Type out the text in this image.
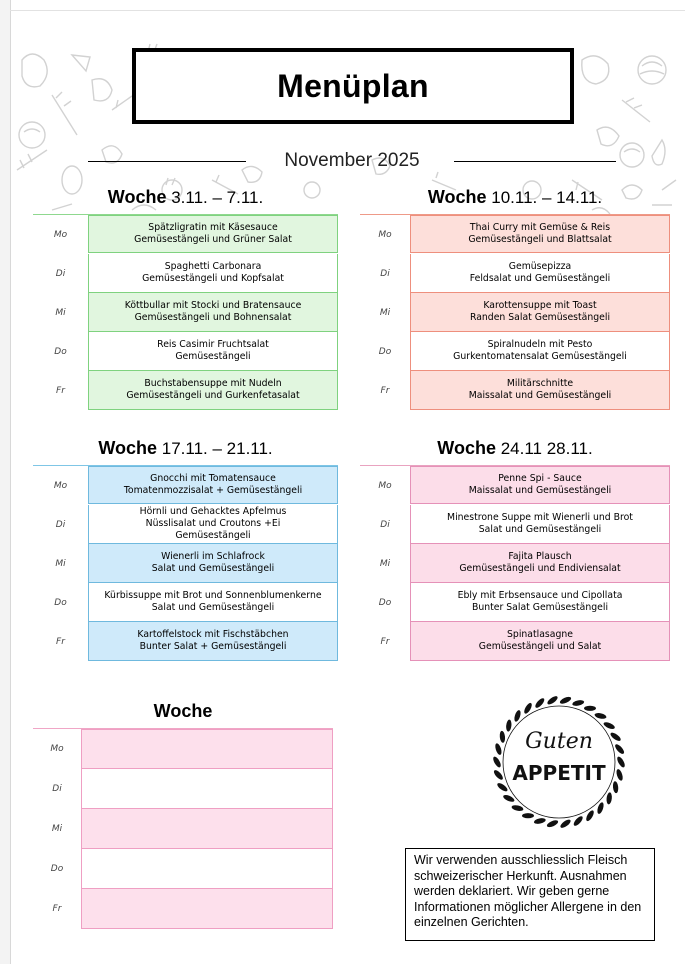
Menüplan
November 2025
Woche 3.11. – 7.11.
Mo
Spätzligratin mit Käsesauce
Gemüsestängeli und Grüner Salat
Di
Spaghetti Carbonara
Gemüsestängeli und Kopfsalat
Mi
Köttbullar mit Stocki und Bratensauce
Gemüsestängeli und Bohnensalat
Do
Reis Casimir Fruchtsalat
Gemüsestängeli
Fr
Buchstabensuppe mit Nudeln
Gemüsestängeli und Gurkenfetasalat
Woche 10.11. – 14.11.
Mo
Thai Curry mit Gemüse & Reis
Gemüsestängeli und Blattsalat
Di
Gemüsepizza
Feldsalat und Gemüsestängeli
Mi
Karottensuppe mit Toast
Randen Salat Gemüsestängeli
Do
Spiralnudeln mit Pesto
Gurkentomatensalat Gemüsestängeli
Fr
Militärschnitte
Maissalat und Gemüsestängeli
Woche 17.11. – 21.11.
Mo
Gnocchi mit Tomatensauce
Tomatenmozzisalat + Gemüsestängeli
Di
Hörnli und Gehacktes Apfelmus
Nüsslisalat und Croutons +Ei
Gemüsestängeli
Mi
Wienerli im Schlafrock
Salat und Gemüsestängeli
Do
Kürbissuppe mit Brot und Sonnenblumenkerne
Salat und Gemüsestängeli
Fr
Kartoffelstock mit Fischstäbchen
Bunter Salat + Gemüsestängeli
Woche 24.11 28.11.
Mo
Penne Spi - Sauce
Maissalat und Gemüsestängeli
Di
Minestrone Suppe mit Wienerli und Brot
Salat und Gemüsestängeli
Mi
Fajita Plausch
Gemüsestängeli und Endiviensalat
Do
Ebly mit Erbsensauce und Cipollata
Bunter Salat Gemüsestängeli
Fr
Spinatlasagne
Gemüsestängeli und Salat
Woche
Mo
Di
Mi
Do
Fr
Guten
APPETIT
Wir verwenden ausschliesslich Fleisch schweizerischer Herkunft. Ausnahmen werden deklariert. Wir geben gerne Informationen möglicher Allergene in den einzelnen Gerichten.
